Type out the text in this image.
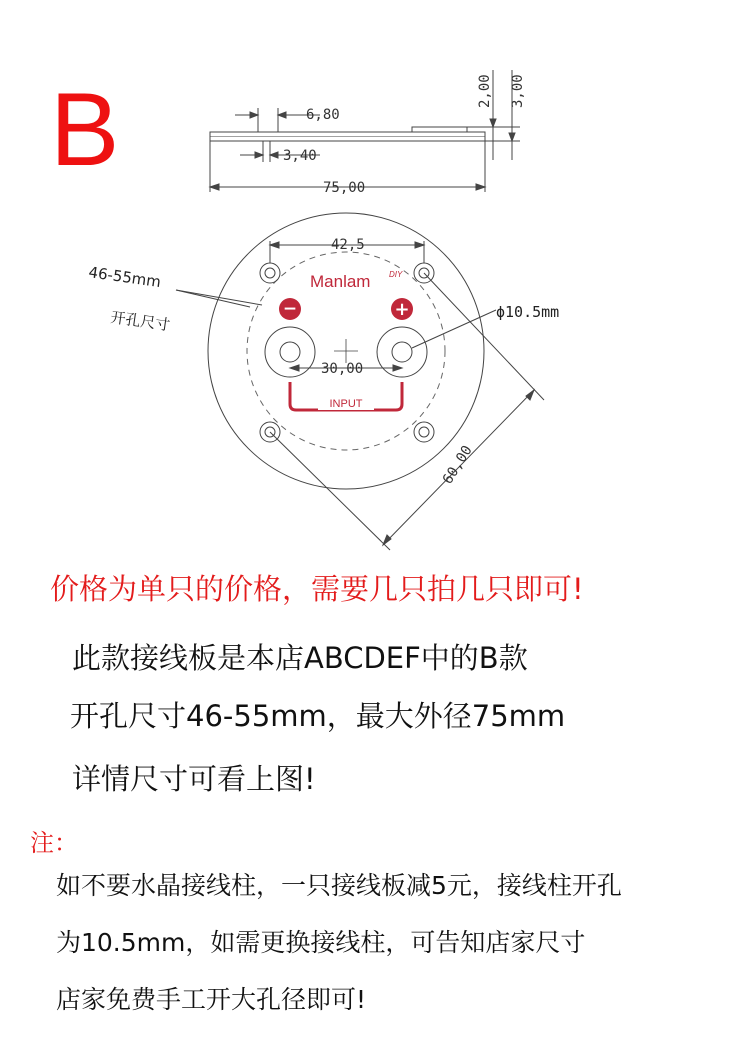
B	6,80
3,40
75,00
2,00 3,00
−	+
Manlam DIY
INPUT
42,5
30,00
60,00
ϕ10.5mm
46-55mm
开孔尺寸
价格为单只的价格，需要几只拍几只即可!
此款接线板是本店ABCDEF中的B款
开孔尺寸46-55mm，最大外径75mm
详情尺寸可看上图!
注：
如不要水晶接线柱，一只接线板减5元，接线柱开孔
为10.5mm，如需更换接线柱，可告知店家尺寸
店家免费手工开大孔径即可!
